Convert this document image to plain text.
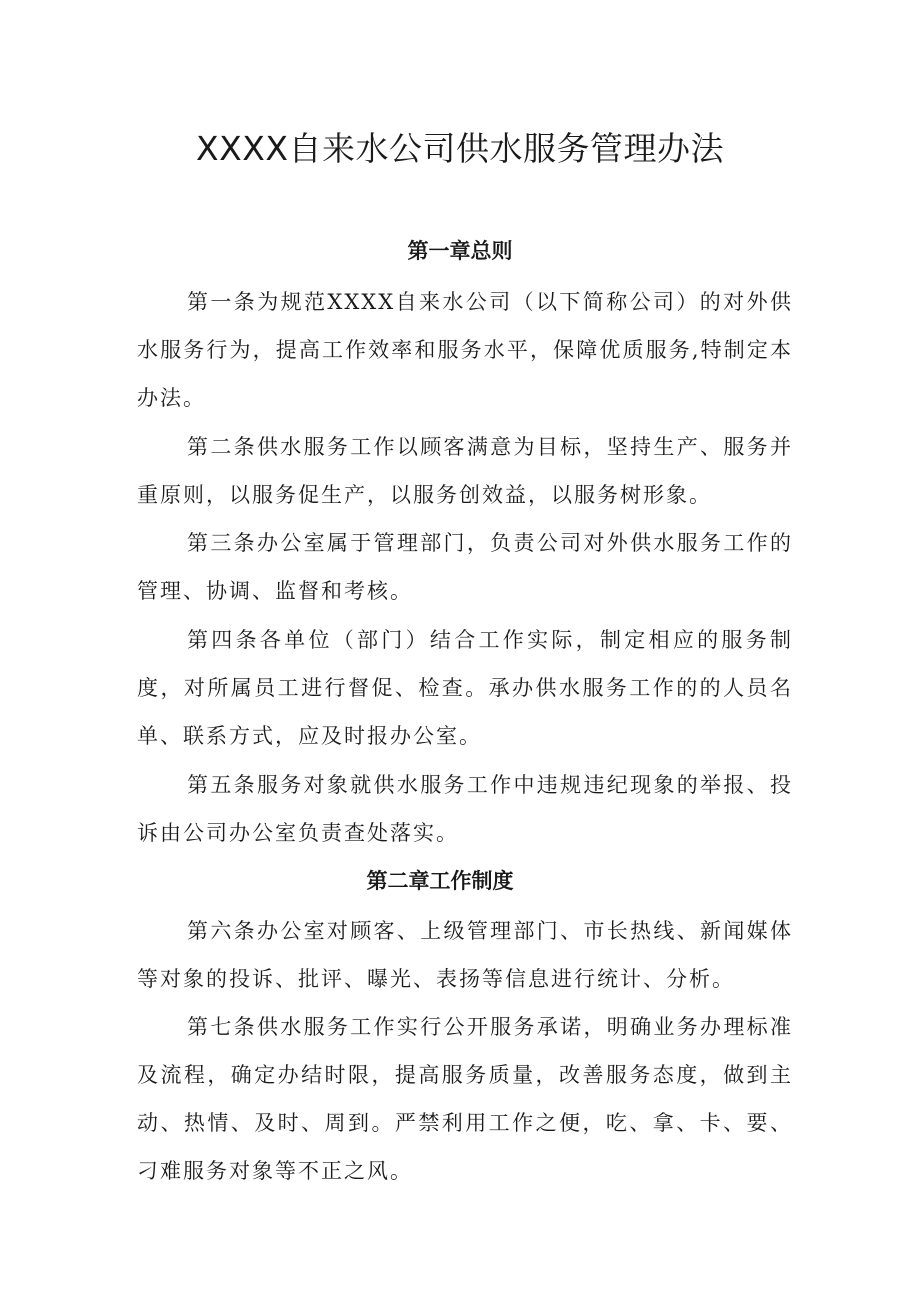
XXXX自来水公司供水服务管理办法
第一章总则

第一条为规范XXXX自来水公司（以下简称公司）的对外供水服务行为，提高工作效率和服务水平，保障优质服务,特制定本办法。

第二条供水服务工作以顾客满意为目标，坚持生产、服务并重原则，以服务促生产，以服务创效益，以服务树形象。

第三条办公室属于管理部门，负责公司对外供水服务工作的管理、协调、监督和考核。

第四条各单位（部门）结合工作实际，制定相应的服务制度，对所属员工进行督促、检查。承办供水服务工作的的人员名单、联系方式，应及时报办公室。

第五条服务对象就供水服务工作中违规违纪现象的举报、投诉由公司办公室负责查处落实。

第二章工作制度

第六条办公室对顾客、上级管理部门、市长热线、新闻媒体等对象的投诉、批评、曝光、表扬等信息进行统计、分析。

第七条供水服务工作实行公开服务承诺，明确业务办理标准及流程，确定办结时限，提高服务质量，改善服务态度，做到主动、热情、及时、周到。严禁利用工作之便，吃、拿、卡、要、刁难服务对象等不正之风。
